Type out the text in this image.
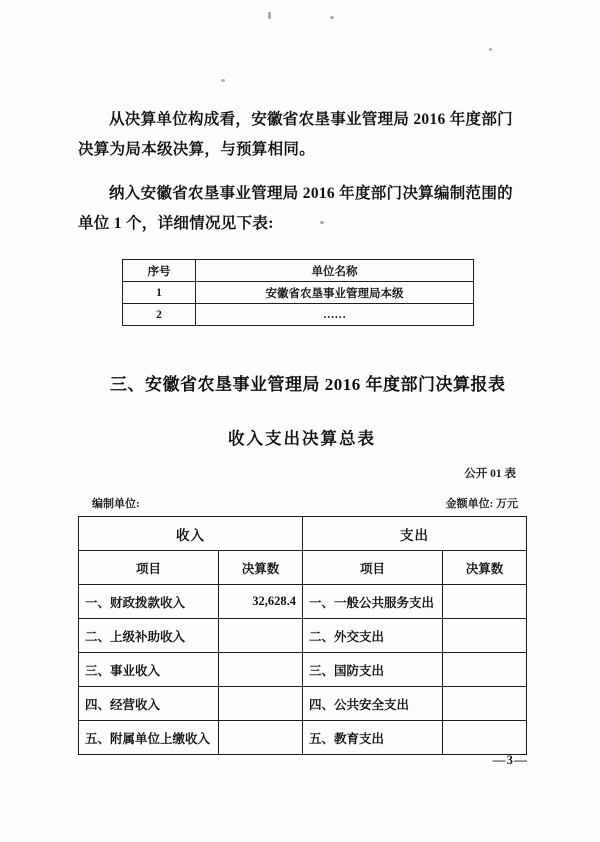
从决算单位构成看，安徽省农垦事业管理局 2016 年度部门决算为局本级决算，与预算相同。

纳入安徽省农垦事业管理局 2016 年度部门决算编制范围的单位 1 个，详细情况见下表:

序号	单位名称
1	安徽省农垦事业管理局本级
2	……
三、安徽省农垦事业管理局 2016 年度部门决算报表
收入支出决算总表
公开 01 表
编制单位:	金额单位: 万元
收入		支出	
项目	决算数	项目	决算数
一、财政拨款收入	32,628.4	一、一般公共服务支出	
二、上级补助收入		二、外交支出	
三、事业收入		三、国防支出	
四、经营收入		四、公共安全支出	
五、附属单位上缴收入		五、教育支出	
—3—
